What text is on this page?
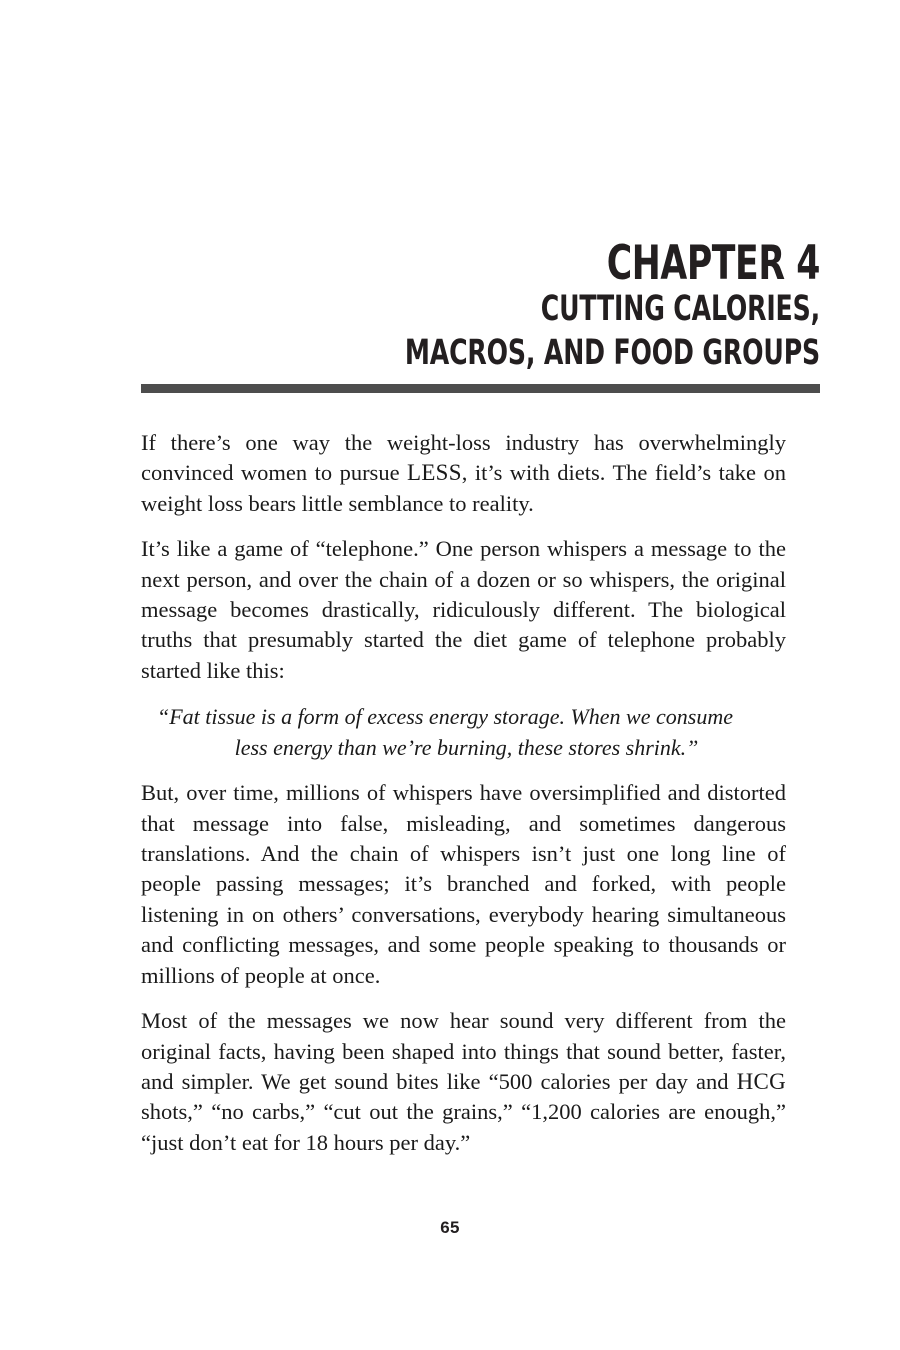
CHAPTER 4
CUTTING CALORIES,
MACROS, AND FOOD GROUPS

If there’s one way the weight-loss industry has overwhelmingly convinced women to pursue LESS, it’s with diets. The field’s take on weight loss bears little semblance to reality.

It’s like a game of “telephone.” One person whispers a message to the next person, and over the chain of a dozen or so whispers, the original message becomes drastically, ridiculously different. The biological truths that presumably started the diet game of telephone probably started like this:

“Fat tissue is a form of excess energy storage. When we consume
less energy than we’re burning, these stores shrink.”

But, over time, millions of whispers have oversimplified and distorted that message into false, misleading, and sometimes dangerous translations. And the chain of whispers isn’t just one long line of people passing messages; it’s branched and forked, with people listening in on others’ conversations, everybody hearing simultaneous and conflicting messages, and some people speaking to thousands or millions of people at once.

Most of the messages we now hear sound very different from the original facts, having been shaped into things that sound better, faster, and simpler. We get sound bites like “500 calories per day and HCG shots,” “no carbs,” “cut out the grains,” “1,200 calories are enough,” “just don’t eat for 18 hours per day.”

65
